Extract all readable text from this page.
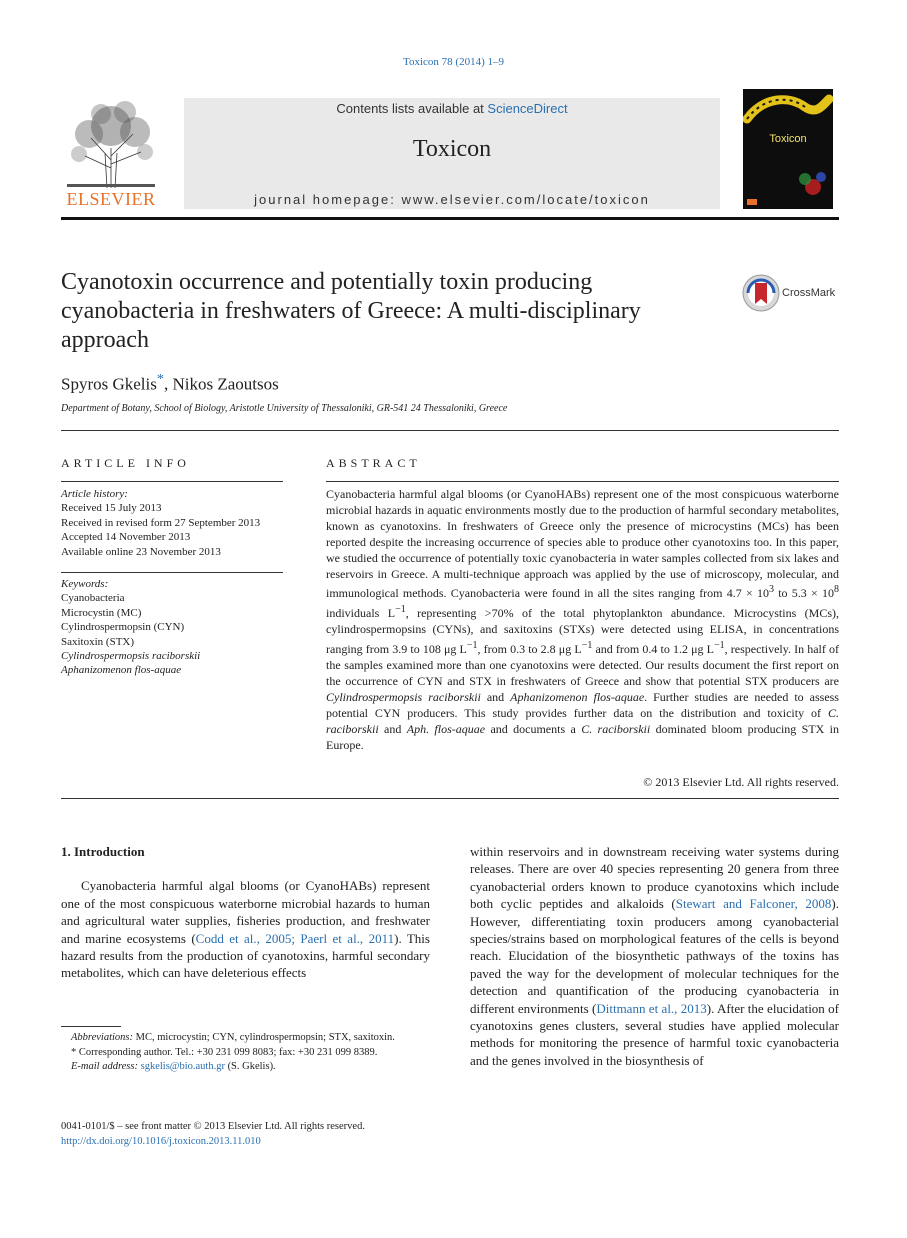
Toxicon 78 (2014) 1–9
ELSEVIER
Contents lists available at ScienceDirect
Toxicon
journal homepage: www.elsevier.com/locate/toxicon
Toxicon
Cyanotoxin occurrence and potentially toxin producing cyanobacteria in freshwaters of Greece: A multi-disciplinary approach
CrossMark
Spyros Gkelis*, Nikos Zaoutsos
Department of Botany, School of Biology, Aristotle University of Thessaloniki, GR-541 24 Thessaloniki, Greece
ARTICLE INFO
Article history:
Received 15 July 2013
Received in revised form 27 September 2013
Accepted 14 November 2013
Available online 23 November 2013
Keywords:
Cyanobacteria
Microcystin (MC)
Cylindrospermopsin (CYN)
Saxitoxin (STX)
Cylindrospermopsis raciborskii
Aphanizomenon flos-aquae
ABSTRACT
Cyanobacteria harmful algal blooms (or CyanoHABs) represent one of the most conspicuous waterborne microbial hazards in aquatic environments mostly due to the production of harmful secondary metabolites, known as cyanotoxins. In freshwaters of Greece only the presence of microcystins (MCs) has been reported despite the increasing occurrence of species able to produce other cyanotoxins too. In this paper, we studied the occurrence of potentially toxic cyanobacteria in water samples collected from six lakes and reservoirs in Greece. A multi-technique approach was applied by the use of microscopy, molecular, and immunological methods. Cyanobacteria were found in all the sites ranging from $4.7 \times 10^3$ to $5.3 \times 10^8$ individuals $L^{-1}$, representing >70% of the total phytoplankton abundance. Microcystins (MCs), cylindrospermopsins (CYNs), and saxitoxins (STXs) were detected using ELISA, in concentrations ranging from 3.9 to 108 μg $L^{-1}$, from 0.3 to 2.8 μg $L^{-1}$ and from 0.4 to 1.2 μg $L^{-1}$, respectively. In half of the samples examined more than one cyanotoxins were detected. Our results document the first report on the occurrence of CYN and STX in freshwaters of Greece and show that potential STX producers are Cylindrospermopsis raciborskii and Aphanizomenon flos-aquae. Further studies are needed to assess potential CYN producers. This study provides further data on the distribution and toxicity of C. raciborskii and Aph. flos-aquae and documents a C. raciborskii dominated bloom producing STX in Europe.
© 2013 Elsevier Ltd. All rights reserved.

1. Introduction

Cyanobacteria harmful algal blooms (or CyanoHABs) represent one of the most conspicuous waterborne microbial hazards to human and agricultural water supplies, fisheries production, and freshwater and marine ecosystems (Codd et al., 2005; Paerl et al., 2011). This hazard results from the production of cyanotoxins, harmful secondary metabolites, which can have deleterious effects

within reservoirs and in downstream receiving water systems during releases. There are over 40 species representing 20 genera from three cyanobacterial orders known to produce cyanotoxins which include both cyclic peptides and alkaloids (Stewart and Falconer, 2008). However, differentiating toxin producers among cyanobacterial species/strains based on morphological features of the cells is beyond reach. Elucidation of the biosynthetic pathways of the toxins has paved the way for the development of molecular techniques for the detection and quantification of the producing cyanobacteria in different environments (Dittmann et al., 2013). After the elucidation of cyanotoxins genes clusters, several studies have applied molecular methods for monitoring the presence of harmful toxic cyanobacteria and the genes involved in the biosynthesis of

Abbreviations: MC, microcystin; CYN, cylindrospermopsin; STX, saxitoxin.

* Corresponding author. Tel.: +30 231 099 8083; fax: +30 231 099 8389.

E-mail address: sgkelis@bio.auth.gr (S. Gkelis).

0041-0101/$ – see front matter © 2013 Elsevier Ltd. All rights reserved.
http://dx.doi.org/10.1016/j.toxicon.2013.11.010
